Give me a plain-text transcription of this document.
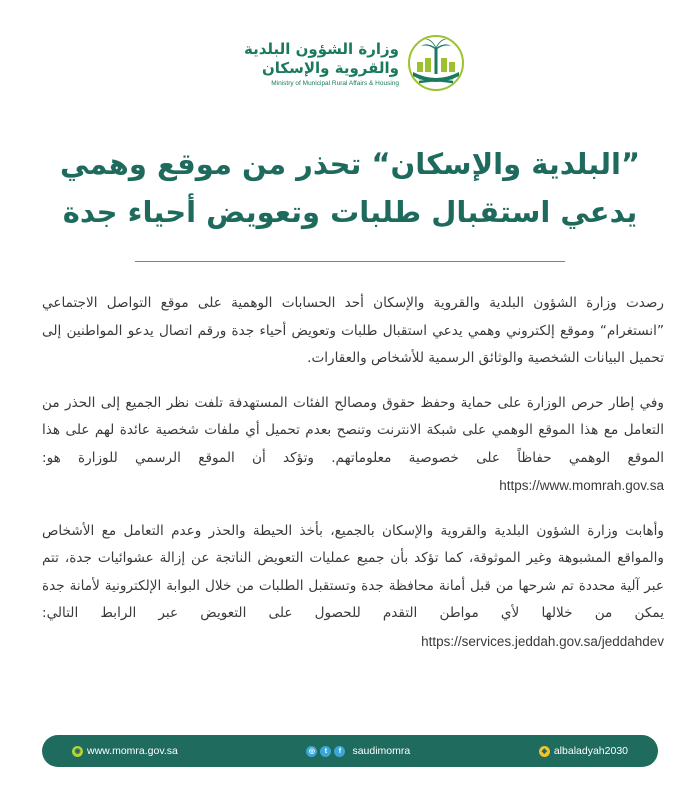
وزارة الشؤون البلدية
والقروية والإسكان
Ministry of Municipal Rural Affairs & Housing
”البلدية والإسكان“ تحذر من موقع وهمي
يدعي استقبال طلبات وتعويض أحياء جدة

رصدت وزارة الشؤون البلدية والقروية والإسكان أحد الحسابات الوهمية على موقع التواصل الاجتماعي ”انستغرام“ وموقع إلكتروني وهمي يدعي استقبال طلبات وتعويض أحياء جدة ورقم اتصال يدعو المواطنين إلى تحميل البيانات الشخصية والوثائق الرسمية للأشخاص والعقارات.

وفي إطار حرص الوزارة على حماية وحفظ حقوق ومصالح الفئات المستهدفة تلفت نظر الجميع إلى الحذر من التعامل مع هذا الموقع الوهمي على شبكة الانترنت وتنصح بعدم تحميل أي ملفات شخصية عائدة لهم على هذا الموقع الوهمي حفاظاً على خصوصية معلوماتهم. وتؤكد أن الموقع الرسمي للوزارة هو: https://www.momrah.gov.sa

وأهابت وزارة الشؤون البلدية والقروية والإسكان بالجميع، بأخذ الحيطة والحذر وعدم التعامل مع الأشخاص والمواقع المشبوهة وغير الموثوقة، كما تؤكد بأن جميع عمليات التعويض الناتجة عن إزالة عشوائيات جدة، تتم عبر آلية محددة تم شرحها من قبل أمانة محافظة جدة وتستقبل الطلبات من خلال البوابة الإلكترونية لأمانة جدة يمكن من خلالها لأي مواطن التقدم للحصول على التعويض عبر الرابط التالي: https://services.jeddah.gov.sa/jeddahdev

◉ www.momra.gov.sa	◎	t	f	saudimomra	◆ albaladyah2030
